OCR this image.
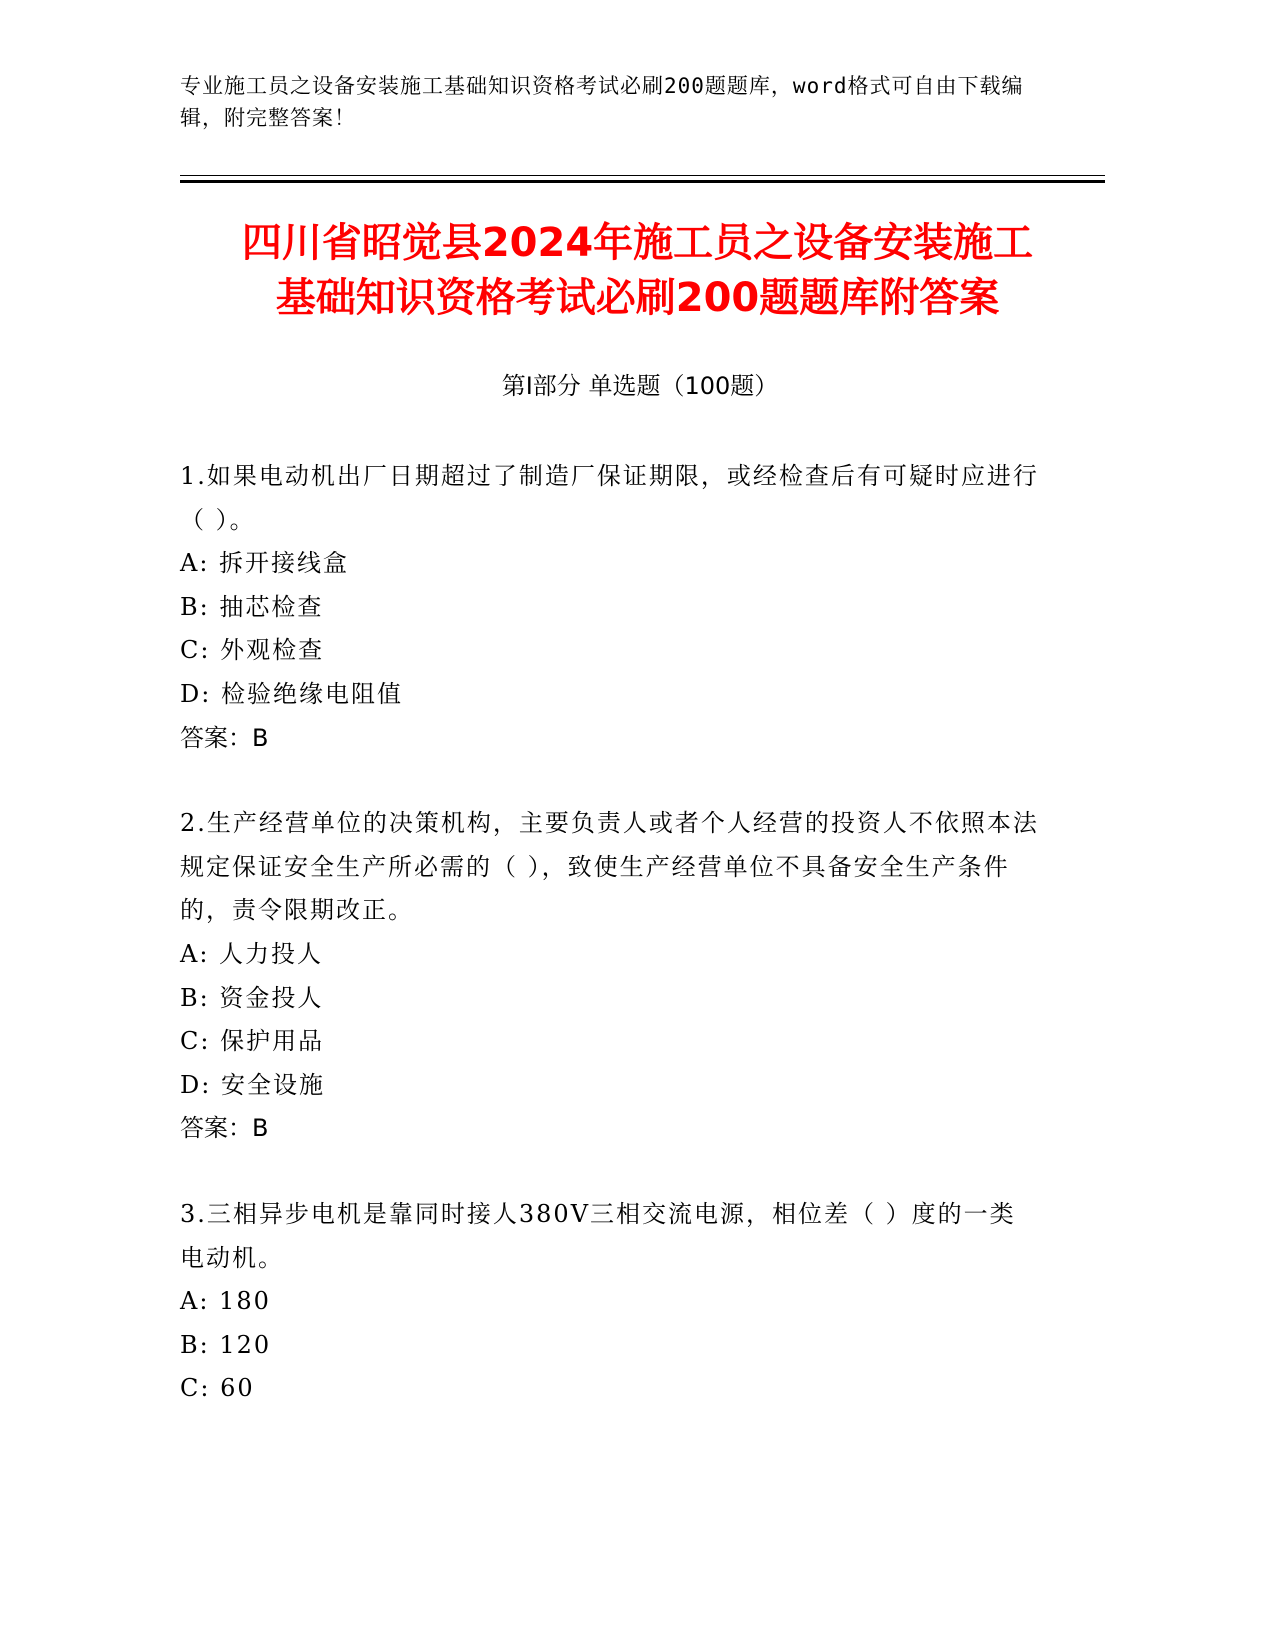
专业施工员之设备安装施工基础知识资格考试必刷200题题库，word格式可自由下载编辑，附完整答案！
四川省昭觉县2024年施工员之设备安装施工
基础知识资格考试必刷200题题库附答案
第I部分 单选题（100题）

1.如果电动机出厂日期超过了制造厂保证期限，或经检查后有可疑时应进行（ ）。

A: 拆开接线盒

B: 抽芯检查

C: 外观检查

D: 检验绝缘电阻值

答案：B

2.生产经营单位的决策机构，主要负责人或者个人经营的投资人不依照本法规定保证安全生产所必需的（ ），致使生产经营单位不具备安全生产条件的，责令限期改正。

A: 人力投人

B: 资金投人

C: 保护用品

D: 安全设施

答案：B

3.三相异步电机是靠同时接人380V三相交流电源，相位差（ ）度的一类电动机。

A: 180

B: 120

C: 60
